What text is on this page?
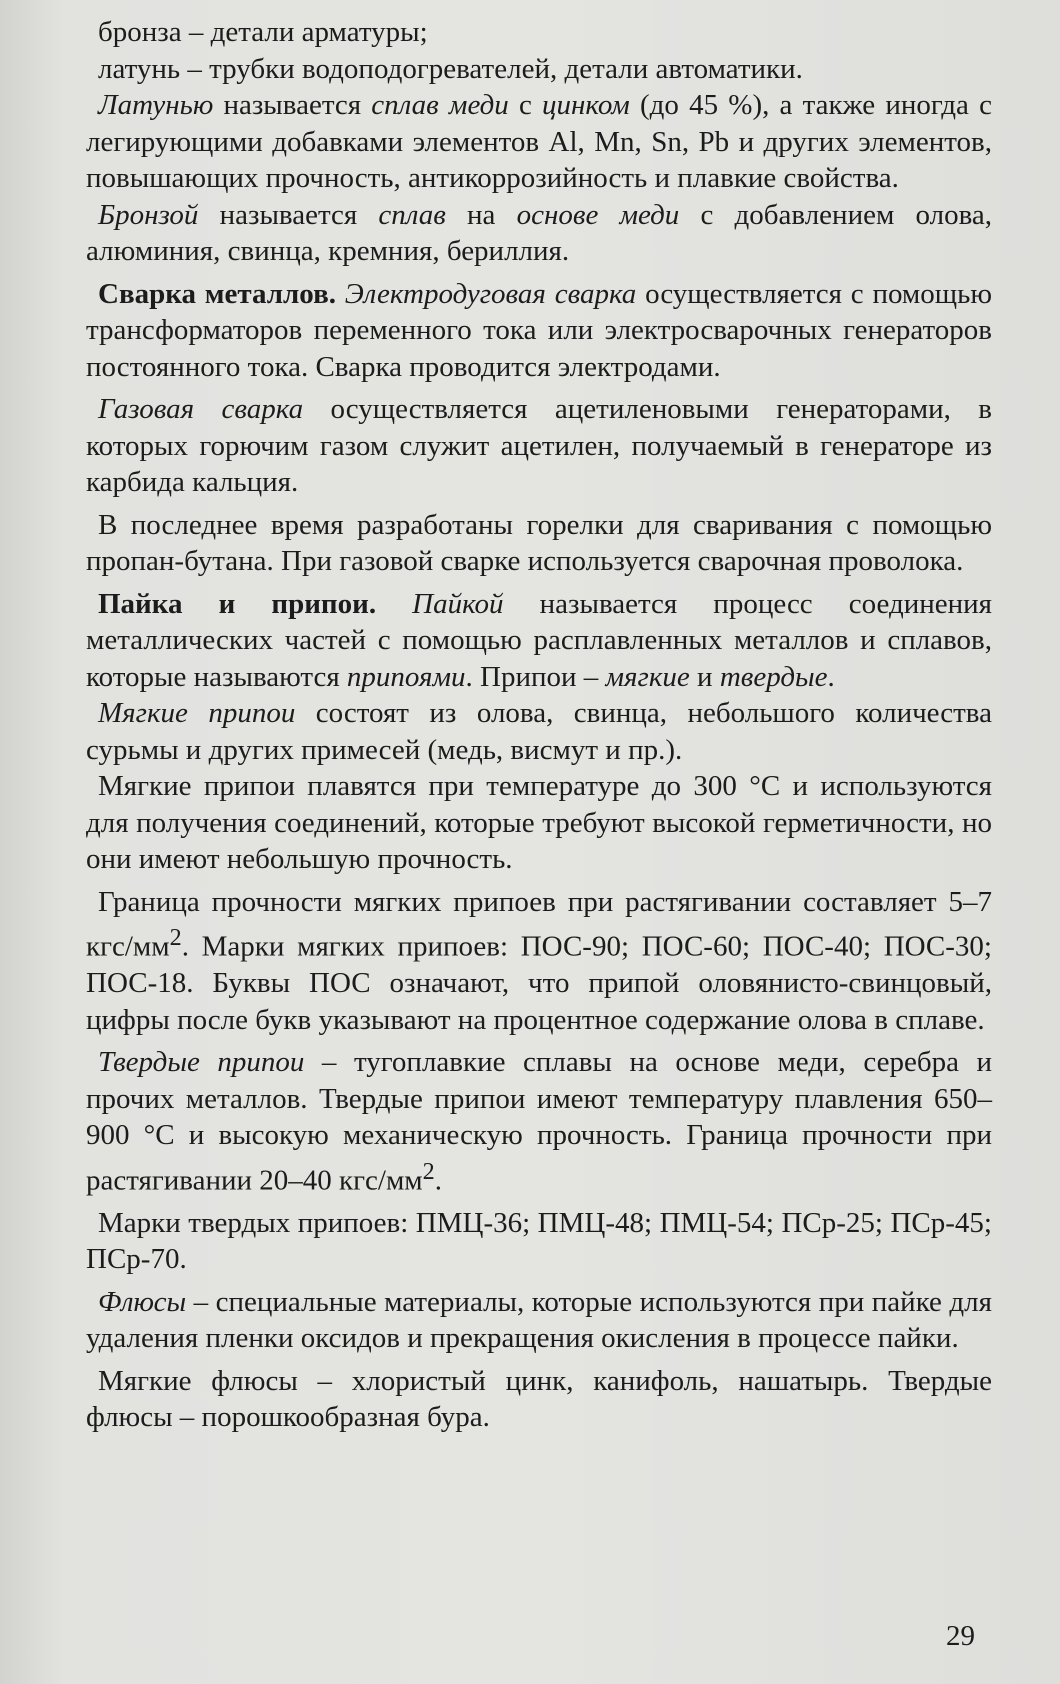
бронза – детали арматуры;

латунь – трубки водоподогревателей, детали автоматики.

Латунью называется сплав меди с цинком (до 45 %), а также иногда с легирующими добавками элементов Al, Mn, Sn, Pb и других элементов, повышающих прочность, антикоррозийность и плавкие свойства.

Бронзой называется сплав на основе меди с добавлением олова, алюминия, свинца, кремния, бериллия.

Сварка металлов. Электродуговая сварка осуществляется с помощью трансформаторов переменного тока или электросварочных генераторов постоянного тока. Сварка проводится электродами.

Газовая сварка осуществляется ацетиленовыми генераторами, в которых горючим газом служит ацетилен, получаемый в генераторе из карбида кальция.

В последнее время разработаны горелки для сваривания с помощью пропан-бутана. При газовой сварке используется сварочная проволока.

Пайка и припои. Пайкой называется процесс соединения металлических частей с помощью расплавленных металлов и сплавов, которые называются припоями. Припои – мягкие и твердые.

Мягкие припои состоят из олова, свинца, небольшого количества сурьмы и других примесей (медь, висмут и пр.).

Мягкие припои плавятся при температуре до 300 °С и используются для получения соединений, которые требуют высокой герметичности, но они имеют небольшую прочность.

Граница прочности мягких припоев при растягивании составляет 5–7 кгс/$мм^2$. Марки мягких припоев: ПОС-90; ПОС-60; ПОС-40; ПОС-30; ПОС-18. Буквы ПОС означают, что припой оловянисто-свинцовый, цифры после букв указывают на процентное содержание олова в сплаве.

Твердые припои – тугоплавкие сплавы на основе меди, серебра и прочих металлов. Твердые припои имеют температуру плавления 650–900 °С и высокую механическую прочность. Граница прочности при растягивании 20–40 кгс/$мм^2$.

Марки твердых припоев: ПМЦ-36; ПМЦ-48; ПМЦ-54; ПСр-25; ПСр-45; ПСр-70.

Флюсы – специальные материалы, которые используются при пайке для удаления пленки оксидов и прекращения окисления в процессе пайки.

Мягкие флюсы – хлористый цинк, канифоль, нашатырь. Твердые флюсы – порошкообразная бура.

29
